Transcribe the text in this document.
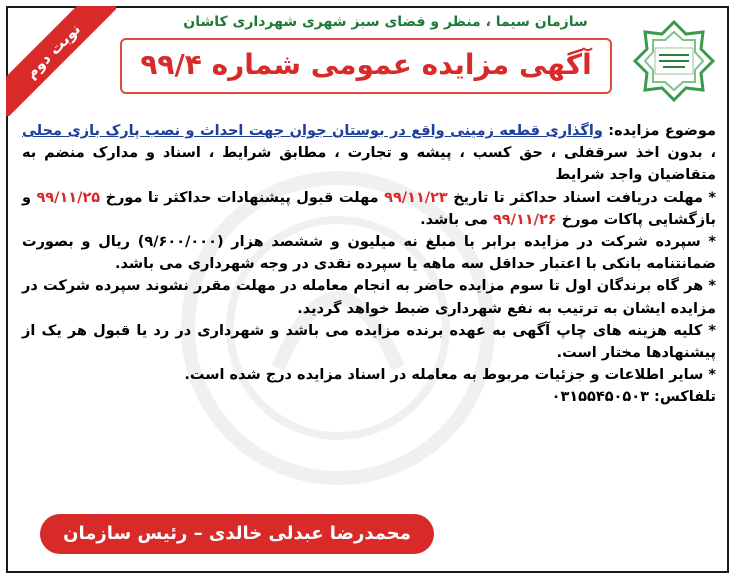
نوبت دوم	سازمان سیما ، منظر و فضای سبز شهری شهرداری کاشان
آگهی مزایده عمومی شماره ۹۹/۴

موضوع مزایده: واگذاری قطعه زمینی واقع در بوستان جوان جهت احداث و نصب پارک بازی محلی ، بدون اخذ سرقفلی ، حق کسب ، پیشه و تجارت ، مطابق شرایط ، اسناد و مدارک منضم به متقاضیان واجد شرایط

* مهلت دریافت اسناد حداکثر تا تاریخ ۹۹/۱۱/۲۳ مهلت قبول پیشنهادات حداکثر تا مورخ ۹۹/۱۱/۲۵ و بازگشایی پاکات مورخ ۹۹/۱۱/۲۶ می باشد.

* سپرده شرکت در مزایده برابر با مبلغ نه میلیون و ششصد هزار (۹/۶۰۰/۰۰۰) ریال و بصورت ضمانتنامه بانکی با اعتبار حداقل سه ماهه یا سپرده نقدی در وجه شهرداری می باشد.

* هر گاه برندگان اول تا سوم مزایده حاضر به انجام معامله در مهلت مقرر نشوند سپرده شرکت در مزایده ایشان به ترتیب به نفع شهرداری ضبط خواهد گردید.

* کلیه هزینه های چاپ آگهی به عهده برنده مزایده می باشد و شهرداری در رد یا قبول هر یک از پیشنهادها مختار است.

* سایر اطلاعات و جزئیات مربوط به معامله در اسناد مزایده درج شده است.

تلفاکس: ۰۳۱۵۵۴۵۰۵۰۳

محمدرضا عبدلی خالدی – رئیس سازمان
